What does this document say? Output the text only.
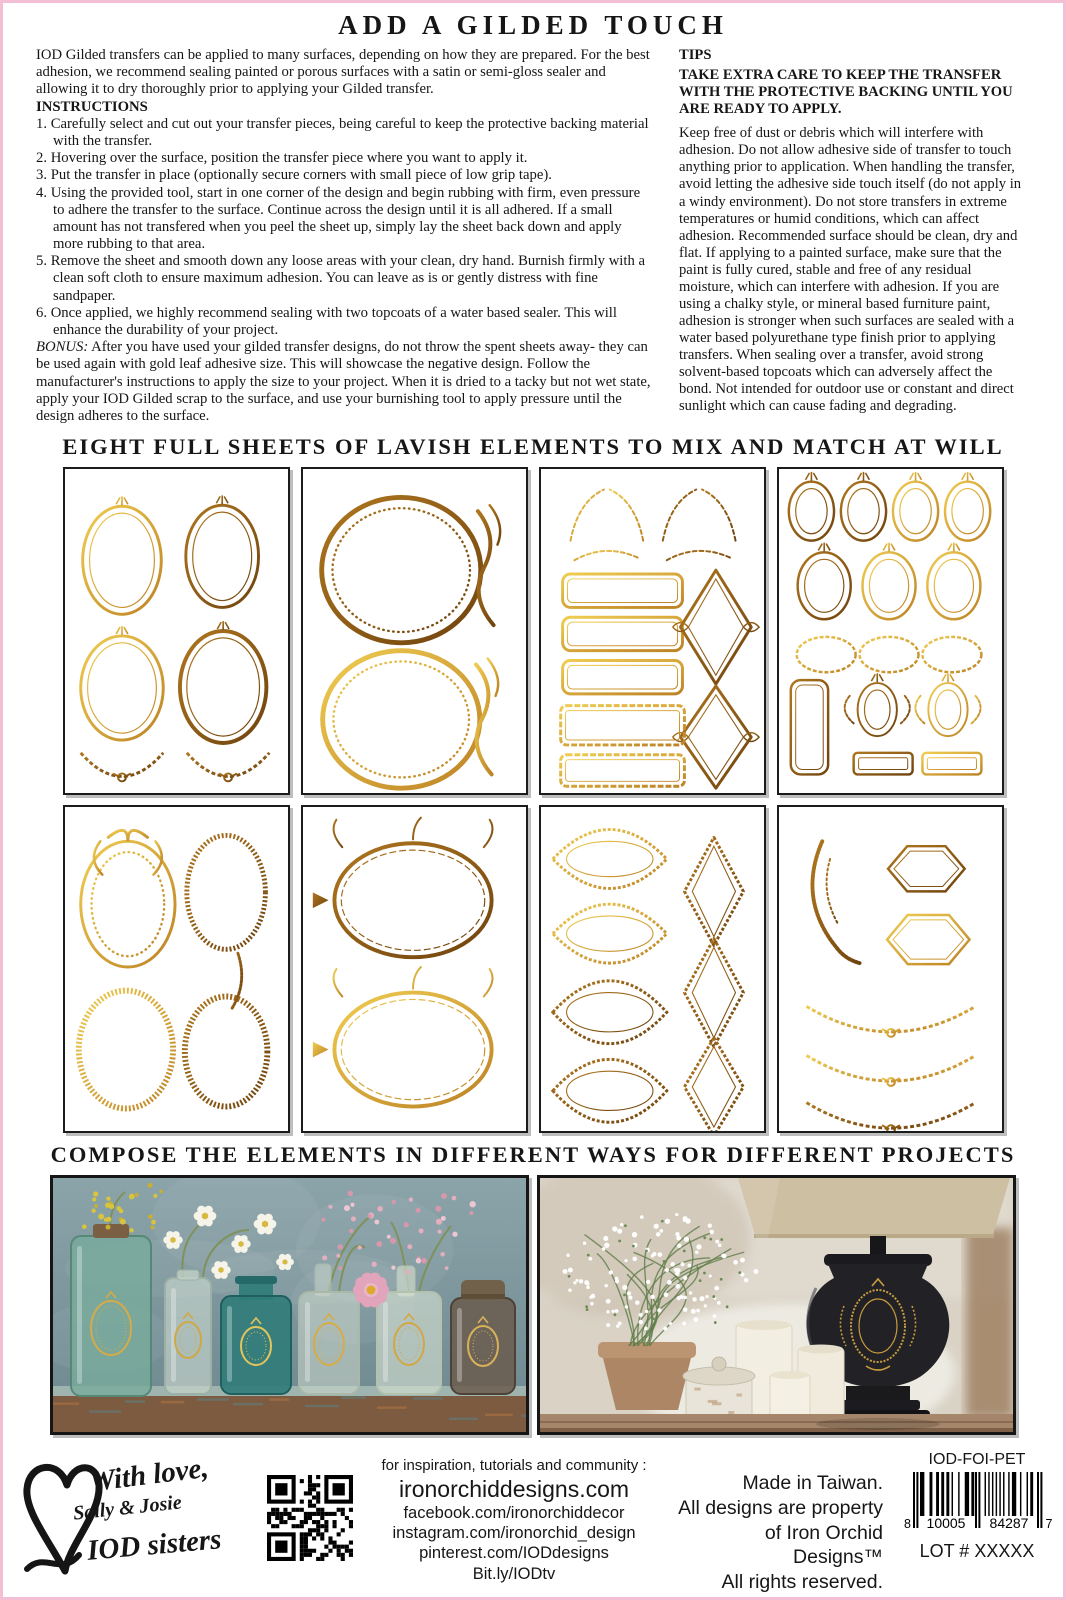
ADD A GILDED TOUCH

IOD Gilded transfers can be applied to many surfaces, depending on how they are prepared. For the best adhesion, we recommend sealing painted or porous surfaces with a satin or semi-gloss sealer and allowing it to dry thoroughly prior to applying your Gilded transfer.

INSTRUCTIONS
1. Carefully select and cut out your transfer pieces, being careful to keep the protective backing material with the transfer.
2. Hovering over the surface, position the transfer piece where you want to apply it.
3. Put the transfer in place (optionally secure corners with small piece of low grip tape).
4. Using the provided tool, start in one corner of the design and begin rubbing with firm, even pressure to adhere the transfer to the surface. Continue across the design until it is all adhered. If a small amount has not transfered when you peel the sheet up, simply lay the sheet back down and apply more rubbing to that area.
5. Remove the sheet and smooth down any loose areas with your clean, dry hand. Burnish firmly with a clean soft cloth to ensure maximum adhesion. You can leave as is or gently distress with fine sandpaper.
6. Once applied, we highly recommend sealing with two topcoats of a water based sealer. This will enhance the durability of your project.

BONUS: After you have used your gilded transfer designs, do not throw the spent sheets away- they can be used again with gold leaf adhesive size. This will showcase the negative design. Follow the manufacturer's instructions to apply the size to your project. When it is dried to a tacky but not wet state, apply your IOD Gilded scrap to the surface, and use your burnishing tool to apply pressure until the design adheres to the surface.

TIPS

TAKE EXTRA CARE TO KEEP THE TRANSFER WITH THE PROTECTIVE BACKING UNTIL YOU ARE READY TO APPLY.

Keep free of dust or debris which will interfere with adhesion. Do not allow adhesive side of transfer to touch anything prior to application. When handling the transfer, avoid letting the adhesive side touch itself (do not apply in a windy environment). Do not store transfers in extreme temperatures or humid conditions, which can affect adhesion. Recommended surface should be clean, dry and flat. If applying to a painted surface, make sure that the paint is fully cured, stable and free of any residual moisture, which can interfere with adhesion. If you are using a chalky style, or mineral based furniture paint, adhesion is stronger when such surfaces are sealed with a water based polyurethane type finish prior to applying transfers. When sealing over a transfer, avoid strong solvent-based topcoats which can adversely affect the bond. Not intended for outdoor use or constant and direct sunlight which can cause fading and degrading.

EIGHT FULL SHEETS OF LAVISH ELEMENTS TO MIX AND MATCH AT WILL
COMPOSE THE ELEMENTS IN DIFFERENT WAYS FOR DIFFERENT PROJECTS
With love,
Sally & Josie
IOD sisters
for inspiration, tutorials and community :
ironorchiddesigns.com
facebook.com/ironorchiddecor
instagram.com/ironorchid_design
pinterest.com/IODdesigns
Bit.ly/IODtv
Made in Taiwan.
All designs are property
of Iron Orchid Designs™
All rights reserved.
IOD-FOI-PET
8 10005 84287 7
LOT # XXXXX
